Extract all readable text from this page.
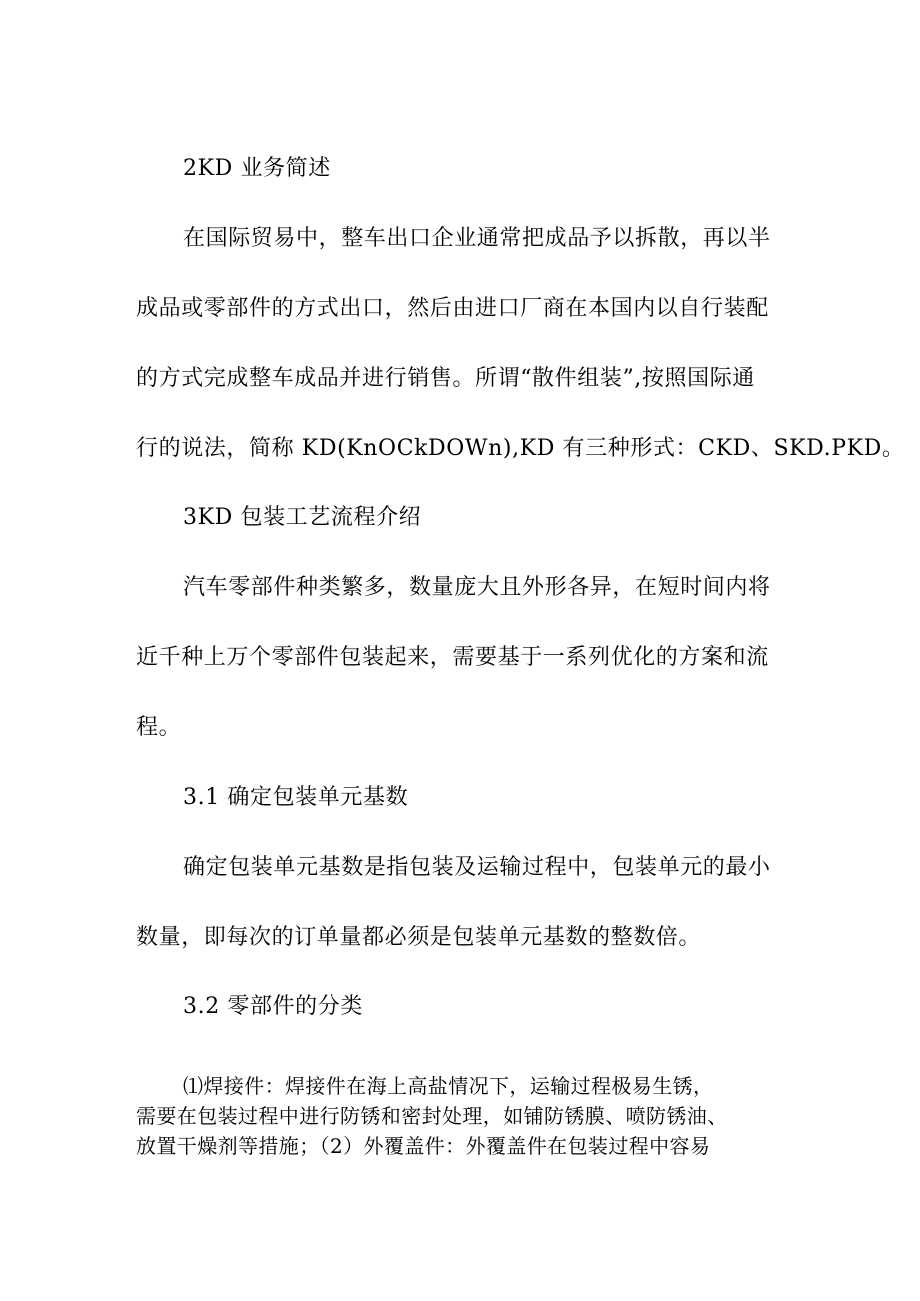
2KD 业务简述
在国际贸易中，整车出口企业通常把成品予以拆散，再以半
成品或零部件的方式出口，然后由进口厂商在本国内以自行装配
的方式完成整车成品并进行销售。所谓“散件组装”,按照国际通
行的说法，简称 KD(KnOCkDOWn),KD 有三种形式：CKD、SKD.PKD。
3KD 包装工艺流程介绍
汽车零部件种类繁多，数量庞大且外形各异，在短时间内将
近千种上万个零部件包装起来，需要基于一系列优化的方案和流
程。
3.1 确定包装单元基数
确定包装单元基数是指包装及运输过程中，包装单元的最小
数量，即每次的订单量都必须是包装单元基数的整数倍。
3.2 零部件的分类
⑴焊接件：焊接件在海上高盐情况下，运输过程极易生锈，
需要在包装过程中进行防锈和密封处理，如铺防锈膜、喷防锈油、
放置干燥剂等措施；（2）外覆盖件：外覆盖件在包装过程中容易
